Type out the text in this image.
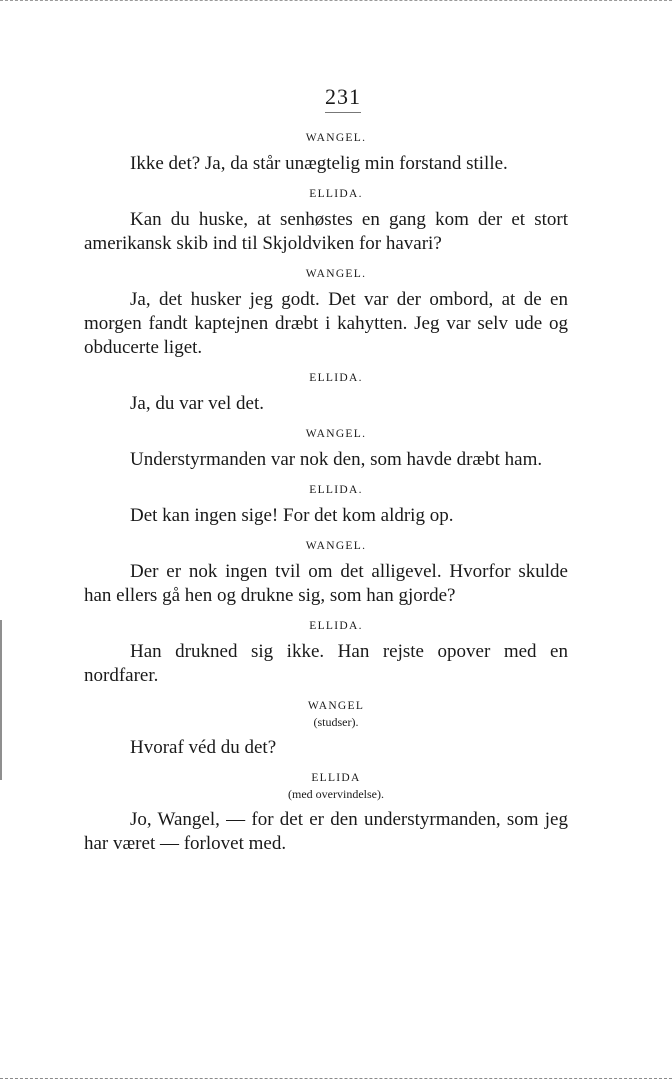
231

WANGEL.

Ikke det? Ja, da står unægtelig min forstand stille.

ELLIDA.

Kan du huske, at senhøstes en gang kom der et stort amerikansk skib ind til Skjoldviken for havari?

WANGEL.

Ja, det husker jeg godt. Det var der ombord, at de en morgen fandt kaptejnen dræbt i kahytten. Jeg var selv ude og obducerte liget.

ELLIDA.

Ja, du var vel det.

WANGEL.

Understyrmanden var nok den, som havde dræbt ham.

ELLIDA.

Det kan ingen sige! For det kom aldrig op.

WANGEL.

Der er nok ingen tvil om det alligevel. Hvorfor skulde han ellers gå hen og drukne sig, som han gjorde?

ELLIDA.

Han drukned sig ikke. Han rejste opover med en nordfarer.

WANGEL

(studser).

Hvoraf véd du det?

ELLIDA

(med overvindelse).

Jo, Wangel, — for det er den understyrmanden, som jeg har været — forlovet med.
